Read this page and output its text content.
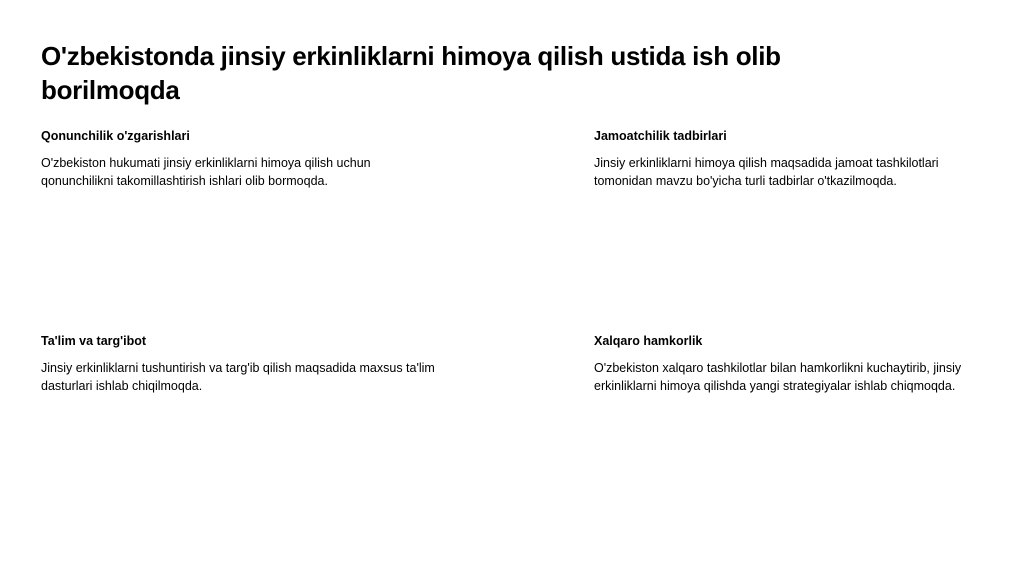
O'zbekistonda jinsiy erkinliklarni himoya qilish ustida ish olib borilmoqda

Qonunchilik o'zgarishlari

O'zbekiston hukumati jinsiy erkinliklarni himoya qilish uchun qonunchilikni takomillashtirish ishlari olib bormoqda.

Jamoatchilik tadbirlari

Jinsiy erkinliklarni himoya qilish maqsadida jamoat tashkilotlari tomonidan mavzu bo'yicha turli tadbirlar o'tkazilmoqda.

Ta'lim va targ'ibot

Jinsiy erkinliklarni tushuntirish va targ'ib qilish maqsadida maxsus ta'lim dasturlari ishlab chiqilmoqda.

Xalqaro hamkorlik

O'zbekiston xalqaro tashkilotlar bilan hamkorlikni kuchaytirib, jinsiy erkinliklarni himoya qilishda yangi strategiyalar ishlab chiqmoqda.
